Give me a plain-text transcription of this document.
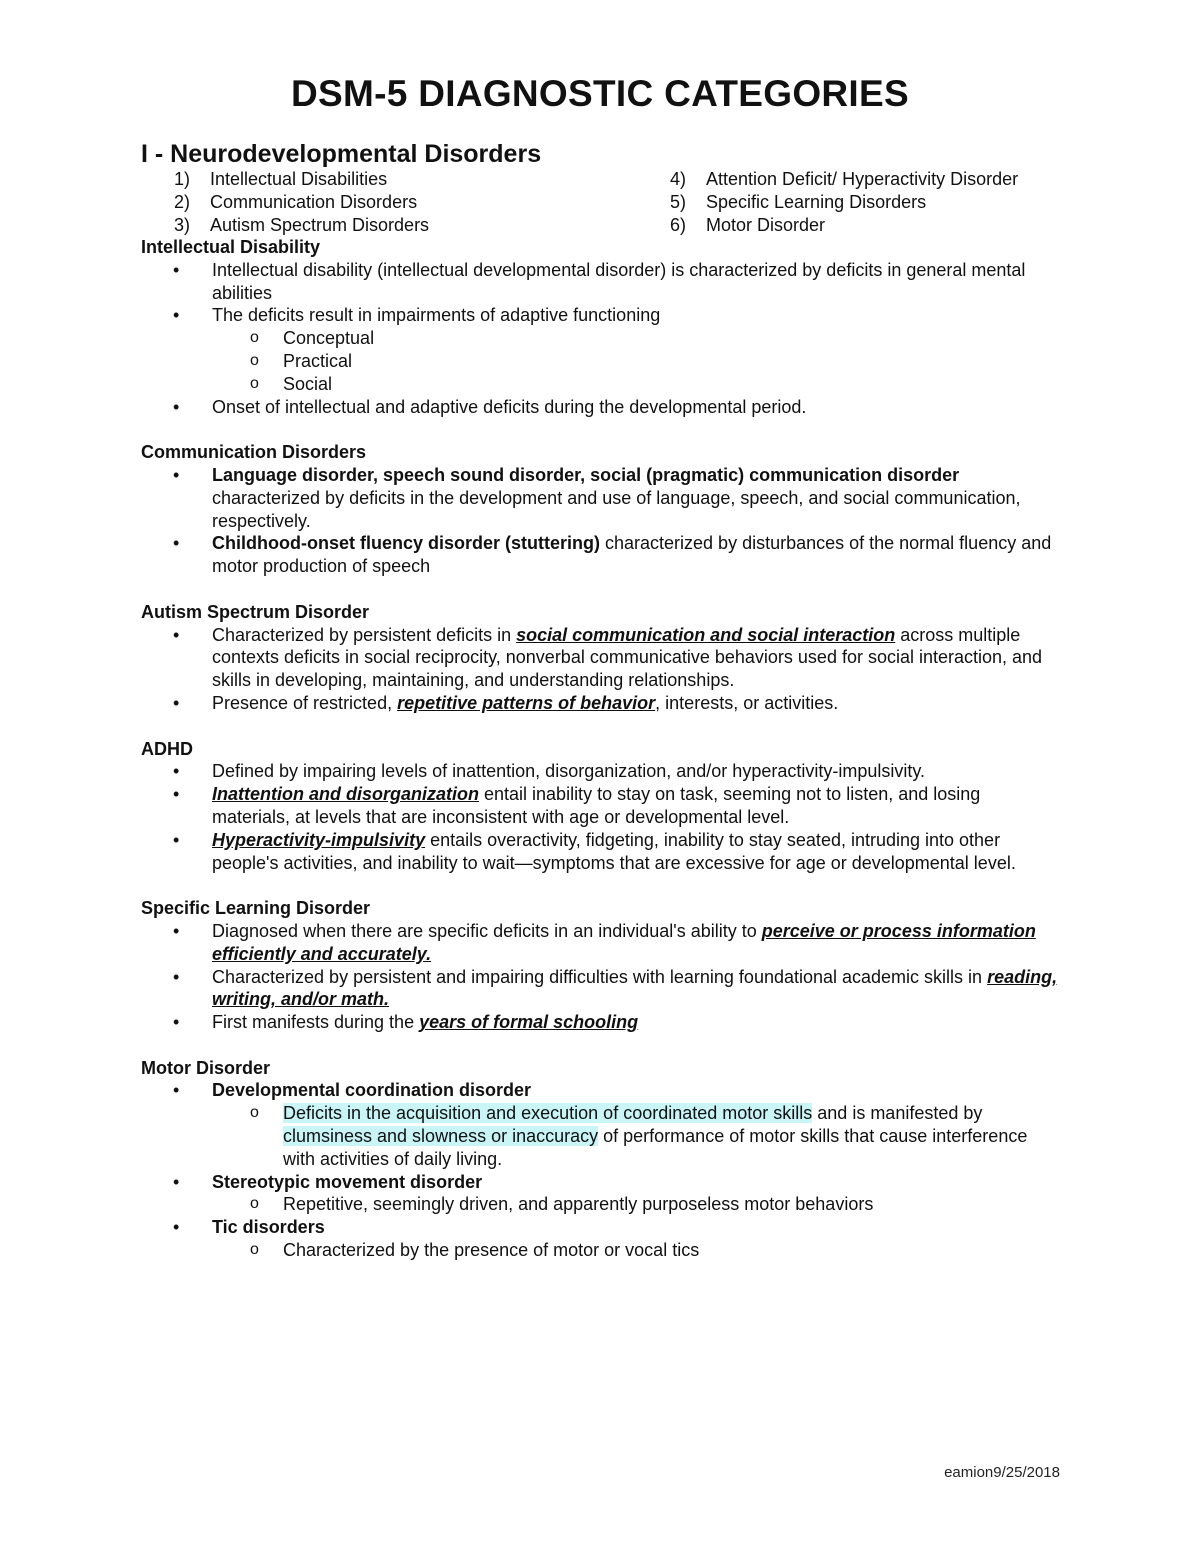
DSM-5 DIAGNOSTIC CATEGORIES
I - Neurodevelopmental Disorders
1) Intellectual Disabilities
2) Communication Disorders
3) Autism Spectrum Disorders
4) Attention Deficit/ Hyperactivity Disorder
5) Specific Learning Disorders
6) Motor Disorder
Intellectual Disability
• Intellectual disability (intellectual developmental disorder) is characterized by deficits in general mental abilities
• The deficits result in impairments of adaptive functioning
o Conceptual
o Practical
o Social
• Onset of intellectual and adaptive deficits during the developmental period.
Communication Disorders
• Language disorder, speech sound disorder, social (pragmatic) communication disorder characterized by deficits in the development and use of language, speech, and social communication, respectively.
• Childhood-onset fluency disorder (stuttering) characterized by disturbances of the normal fluency and motor production of speech
Autism Spectrum Disorder
• Characterized by persistent deficits in social communication and social interaction across multiple contexts deficits in social reciprocity, nonverbal communicative behaviors used for social interaction, and skills in developing, maintaining, and understanding relationships.
• Presence of restricted, repetitive patterns of behavior, interests, or activities.
ADHD
• Defined by impairing levels of inattention, disorganization, and/or hyperactivity-impulsivity.
• Inattention and disorganization entail inability to stay on task, seeming not to listen, and losing materials, at levels that are inconsistent with age or developmental level.
• Hyperactivity-impulsivity entails overactivity, fidgeting, inability to stay seated, intruding into other people's activities, and inability to wait—symptoms that are excessive for age or developmental level.
Specific Learning Disorder
• Diagnosed when there are specific deficits in an individual's ability to perceive or process information efficiently and accurately.
• Characterized by persistent and impairing difficulties with learning foundational academic skills in reading, writing, and/or math.
• First manifests during the years of formal schooling
Motor Disorder
• Developmental coordination disorder
o Deficits in the acquisition and execution of coordinated motor skills and is manifested by clumsiness and slowness or inaccuracy of performance of motor skills that cause interference with activities of daily living.
• Stereotypic movement disorder
o Repetitive, seemingly driven, and apparently purposeless motor behaviors
• Tic disorders
o Characterized by the presence of motor or vocal tics
eamion9/25/2018
